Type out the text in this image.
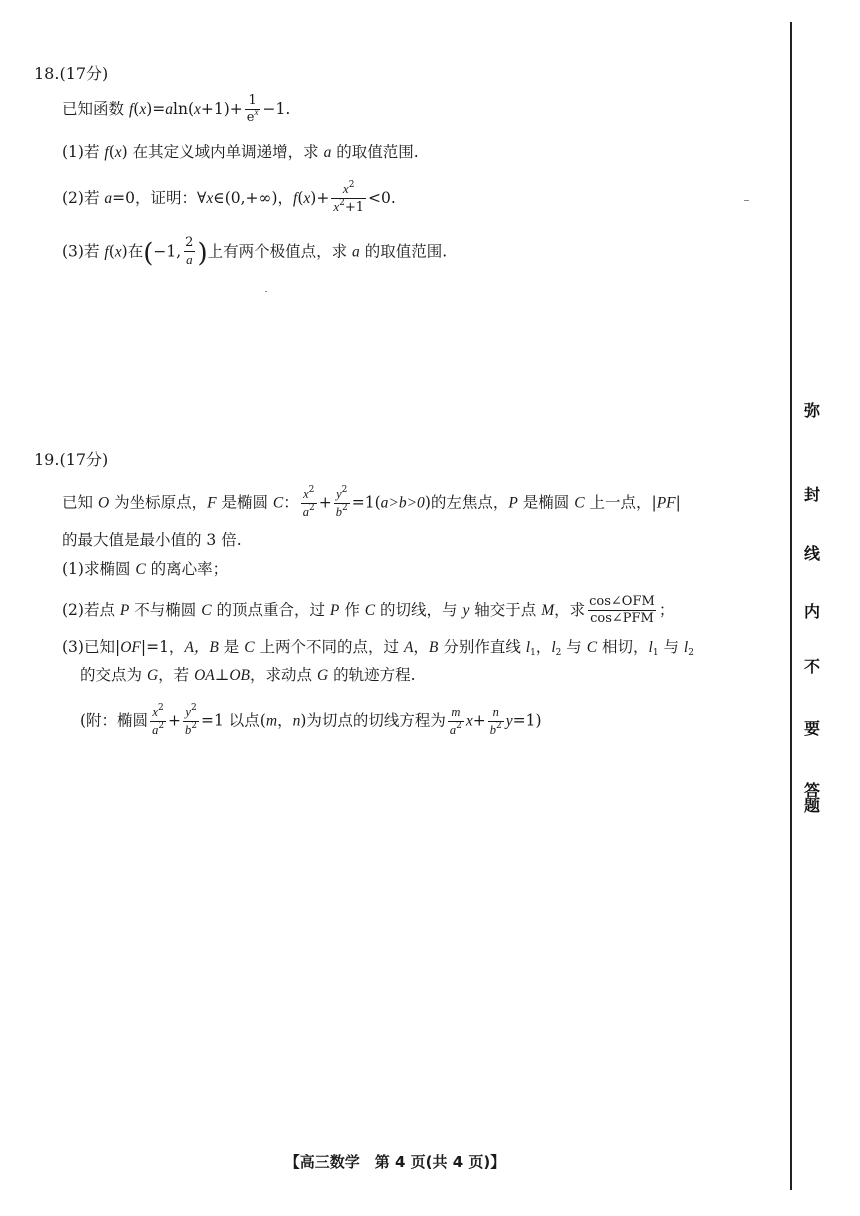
18.(17分)
已知函数 $f(x)=aln(x+1)+ \frac{1}{e^x} -1$.
(1)若 f(x) 在其定义域内单调递增，求 a 的取值范围.
(2)若 a=0，证明：∀x∈(0,+∞)，$f(x)+ \frac{x^2}{x^2+1} <0$.
(3)若 f(x)在(−1, $\frac{2}{a}$ )上有两个极值点，求 a 的取值范围.
19.(17分)
已知 O 为坐标原点，F 是椭圆 C： $\frac{x^2}{a^2} + \frac{y^2}{b^2} =1(a>b>0)$的左焦点，P 是椭圆 C 上一点，|PF|
的最大值是最小值的 3 倍.
(1)求椭圆 C 的离心率；
(2)若点 P 不与椭圆 C 的顶点重合，过 P 作 C 的切线，与 y 轴交于点 M，求 $\frac{\text{cos∠OFM}}{\text{cos∠PFM}}$ ；
(3)已知|OF|=1，A，B 是 C 上两个不同的点，过 A，B 分别作直线 $l_1$，$l_2$ 与 C 相切，$l_1$ 与 $l_2$
的交点为 G，若 OA⊥OB，求动点 G 的轨迹方程.
(附：椭圆 $\frac{x^2}{a^2} + \frac{y^2}{b^2} =1$ 以点(m，n)为切点的切线方程为 $\frac{m}{a^2} x+ \frac{n}{b^2} y=1$)
弥
封
线
内
不
要
答
题
【高三数学　第 4 页(共 4 页)】
